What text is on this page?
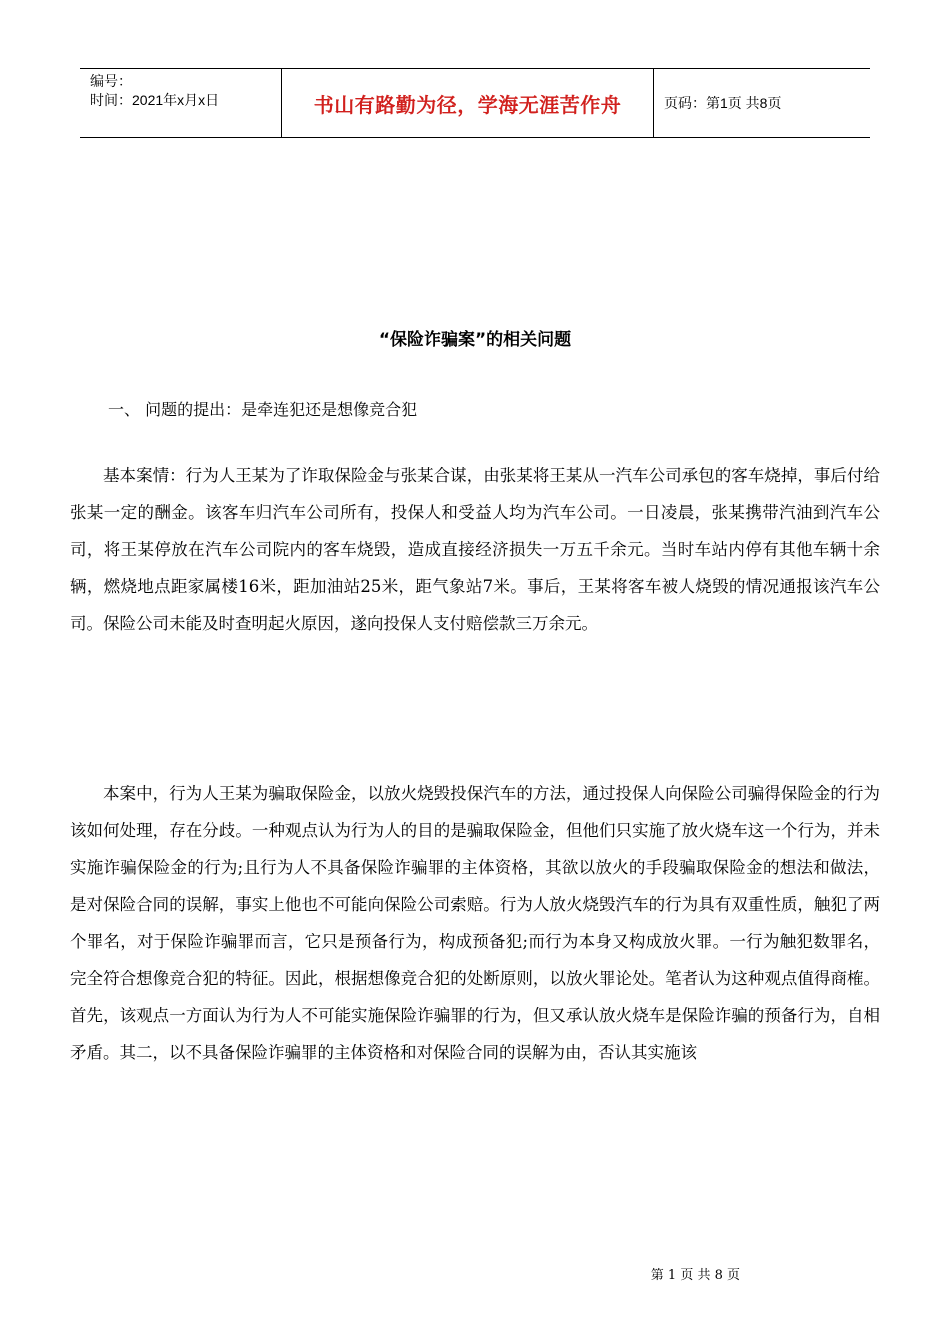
编号：
时间：2021年x月x日	书山有路勤为径，学海无涯苦作舟	页码：第1页 共8页
“保险诈骗案”的相关问题
一、 问题的提出：是牵连犯还是想像竞合犯

基本案情：行为人王某为了诈取保险金与张某合谋，由张某将王某从一汽车公司承包的客车烧掉，事后付给张某一定的酬金。该客车归汽车公司所有，投保人和受益人均为汽车公司。一日凌晨，张某携带汽油到汽车公司，将王某停放在汽车公司院内的客车烧毁，造成直接经济损失一万五千余元。当时车站内停有其他车辆十余辆，燃烧地点距家属楼16米，距加油站25米，距气象站7米。事后，王某将客车被人烧毁的情况通报该汽车公司。保险公司未能及时查明起火原因，遂向投保人支付赔偿款三万余元。

本案中，行为人王某为骗取保险金，以放火烧毁投保汽车的方法，通过投保人向保险公司骗得保险金的行为该如何处理，存在分歧。一种观点认为行为人的目的是骗取保险金，但他们只实施了放火烧车这一个行为，并未实施诈骗保险金的行为;且行为人不具备保险诈骗罪的主体资格，其欲以放火的手段骗取保险金的想法和做法，是对保险合同的误解，事实上他也不可能向保险公司索赔。行为人放火烧毁汽车的行为具有双重性质，触犯了两个罪名，对于保险诈骗罪而言，它只是预备行为，构成预备犯;而行为本身又构成放火罪。一行为触犯数罪名，完全符合想像竞合犯的特征。因此，根据想像竞合犯的处断原则，以放火罪论处。笔者认为这种观点值得商榷。首先，该观点一方面认为行为人不可能实施保险诈骗罪的行为，但又承认放火烧车是保险诈骗的预备行为，自相矛盾。其二，以不具备保险诈骗罪的主体资格和对保险合同的误解为由，否认其实施该

第 1 页 共 8 页
